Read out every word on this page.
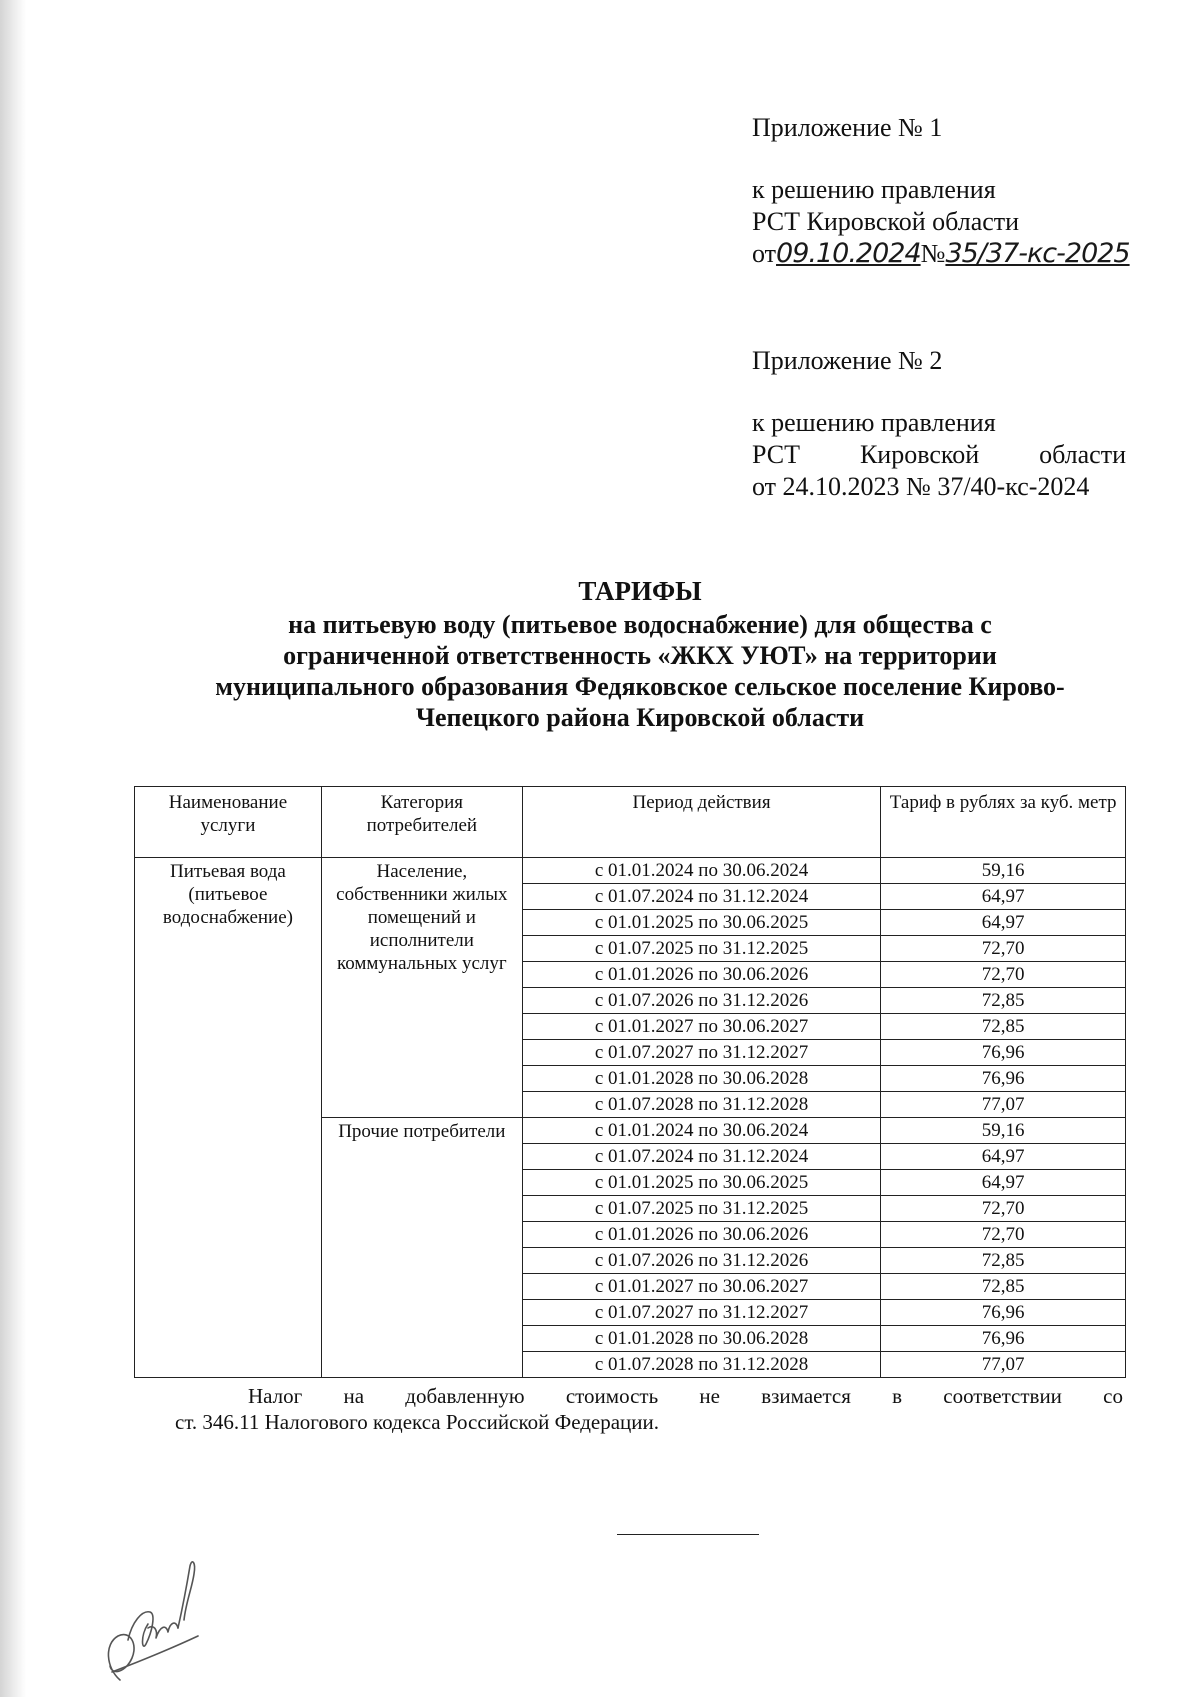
Приложение № 1
к решению правления
РСТ Кировской области
от09.10.2024№35/37-кс-2025
Приложение № 2
к решению правления
РСТ Кировской области
от 24.10.2023 № 37/40-кс-2024
ТАРИФЫ
на питьевую воду (питьевое водоснабжение) для общества с
ограниченной ответственность «ЖКХ УЮТ» на территории
муниципального образования Федяковское сельское поселение Кирово-
Чепецкого района Кировской области
Наименование услуги	Категория потребителей	Период действия	Тариф в рублях за куб. метр
Питьевая вода (питьевое водоснабжение)	Население, собственники жилых помещений и исполнители коммунальных услуг	с 01.01.2024 по 30.06.2024	59,16
		с 01.07.2024 по 31.12.2024	64,97
		с 01.01.2025 по 30.06.2025	64,97
		с 01.07.2025 по 31.12.2025	72,70
		с 01.01.2026 по 30.06.2026	72,70
		с 01.07.2026 по 31.12.2026	72,85
		с 01.01.2027 по 30.06.2027	72,85
		с 01.07.2027 по 31.12.2027	76,96
		с 01.01.2028 по 30.06.2028	76,96
		с 01.07.2028 по 31.12.2028	77,07
	Прочие потребители	с 01.01.2024 по 30.06.2024	59,16
		с 01.07.2024 по 31.12.2024	64,97
		с 01.01.2025 по 30.06.2025	64,97
		с 01.07.2025 по 31.12.2025	72,70
		с 01.01.2026 по 30.06.2026	72,70
		с 01.07.2026 по 31.12.2026	72,85
		с 01.01.2027 по 30.06.2027	72,85
		с 01.07.2027 по 31.12.2027	76,96
		с 01.01.2028 по 30.06.2028	76,96
		с 01.07.2028 по 31.12.2028	77,07
Налог на добавленную стоимость не взимается в соответствии со
ст. 346.11 Налогового кодекса Российской Федерации.
